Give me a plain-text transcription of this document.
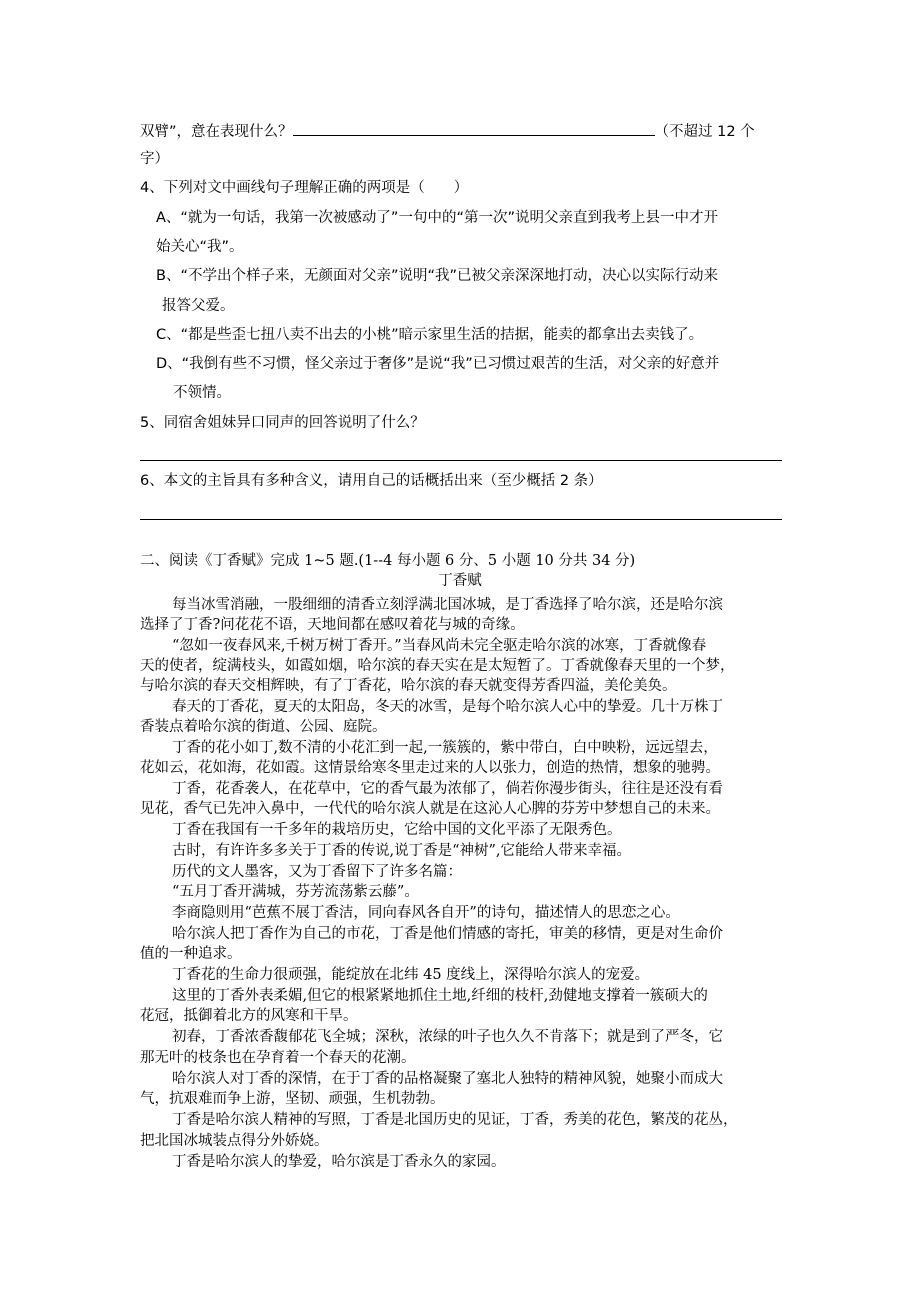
双臂”，意在表现什么？	（不超过 12 个
字）
4、下列对文中画线句子理解正确的两项是（　　）
A、“就为一句话，我第一次被感动了”一句中的“第一次”说明父亲直到我考上县一中才开
始关心“我”。
B、“不学出个样子来，无颜面对父亲”说明“我”已被父亲深深地打动，决心以实际行动来
报答父爱。
C、“都是些歪七扭八卖不出去的小桃”暗示家里生活的拮据，能卖的都拿出去卖钱了。
D、“我倒有些不习惯，怪父亲过于奢侈”是说“我”已习惯过艰苦的生活，对父亲的好意并
不领情。
5、同宿舍姐妹异口同声的回答说明了什么？
6、本文的主旨具有多种含义，请用自己的话概括出来（至少概括 2 条）
二、阅读《丁香赋》完成 1~5 题.(1--4 每小题 6 分、5 小题 10 分共 34 分)
丁香赋
每当冰雪消融，一股细细的清香立刻浮满北国冰城，是丁香选择了哈尔滨，还是哈尔滨
选择了丁香?问花花不语，天地间都在感叹着花与城的奇缘。
“忽如一夜春风来,千树万树丁香开。”当春风尚未完全驱走哈尔滨的冰寒，丁香就像春
天的使者，绽满枝头，如霞如烟，哈尔滨的春天实在是太短暂了。丁香就像春天里的一个梦，
与哈尔滨的春天交相辉映，有了丁香花，哈尔滨的春天就变得芳香四溢，美伦美奂。
春天的丁香花，夏天的太阳岛，冬天的冰雪，是每个哈尔滨人心中的挚爱。几十万株丁
香装点着哈尔滨的街道、公园、庭院。
丁香的花小如丁,数不清的小花汇到一起,一簇簇的，紫中带白，白中映粉，远远望去，
花如云，花如海，花如霞。这情景给寒冬里走过来的人以张力，创造的热情，想象的驰骋。
丁香，花香袭人，在花草中，它的香气最为浓郁了，倘若你漫步街头，往往是还没有看
见花，香气已先冲入鼻中，一代代的哈尔滨人就是在这沁人心脾的芬芳中梦想自己的未来。
丁香在我国有一千多年的栽培历史，它给中国的文化平添了无限秀色。
古时，有许许多多关于丁香的传说,说丁香是“神树”,它能给人带来幸福。
历代的文人墨客，又为丁香留下了许多名篇：
“五月丁香开满城，芬芳流荡紫云藤”。
李商隐则用“芭蕉不展丁香洁，同向春风各自开”的诗句，描述情人的思恋之心。
哈尔滨人把丁香作为自己的市花，丁香是他们情感的寄托，审美的移情，更是对生命价
值的一种追求。
丁香花的生命力很顽强，能绽放在北纬 45 度线上，深得哈尔滨人的宠爱。
这里的丁香外表柔媚,但它的根紧紧地抓住土地,纤细的枝杆,劲健地支撑着一簇硕大的
花冠，抵御着北方的风寒和干旱。
初春，丁香浓香馥郁花飞全城；深秋，浓绿的叶子也久久不肯落下；就是到了严冬，它
那无叶的枝条也在孕育着一个春天的花潮。
哈尔滨人对丁香的深情，在于丁香的品格凝聚了塞北人独特的精神风貌，她聚小而成大
气，抗艰难而争上游，坚韧、顽强，生机勃勃。
丁香是哈尔滨人精神的写照，丁香是北国历史的见证，丁香，秀美的花色，繁茂的花丛，
把北国冰城装点得分外娇娆。
丁香是哈尔滨人的挚爱，哈尔滨是丁香永久的家园。
